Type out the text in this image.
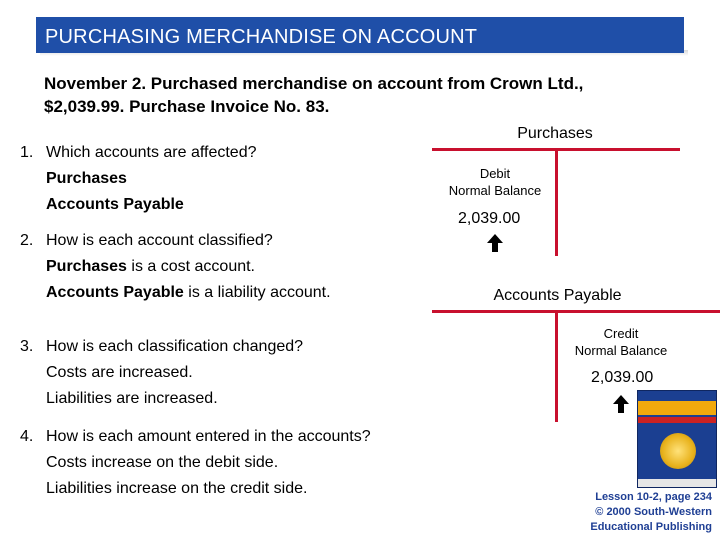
PURCHASING MERCHANDISE ON ACCOUNT
November 2. Purchased merchandise on account from Crown Ltd.,
$2,039.99. Purchase Invoice No. 83.
1. Which accounts are affected?
Purchases
Accounts Payable
2. How is each account classified?
Purchases is a cost account.
Accounts Payable is a liability account.
3. How is each classification changed?
Costs are increased.
Liabilities are increased.
4. How is each amount entered in the accounts?
Costs increase on the debit side.
Liabilities increase on the credit side.
Purchases
Debit
Normal Balance
2,039.00
Accounts Payable
Credit
Normal Balance
2,039.00
Lesson 10-2, page 234
© 2000 South-Western
Educational Publishing
